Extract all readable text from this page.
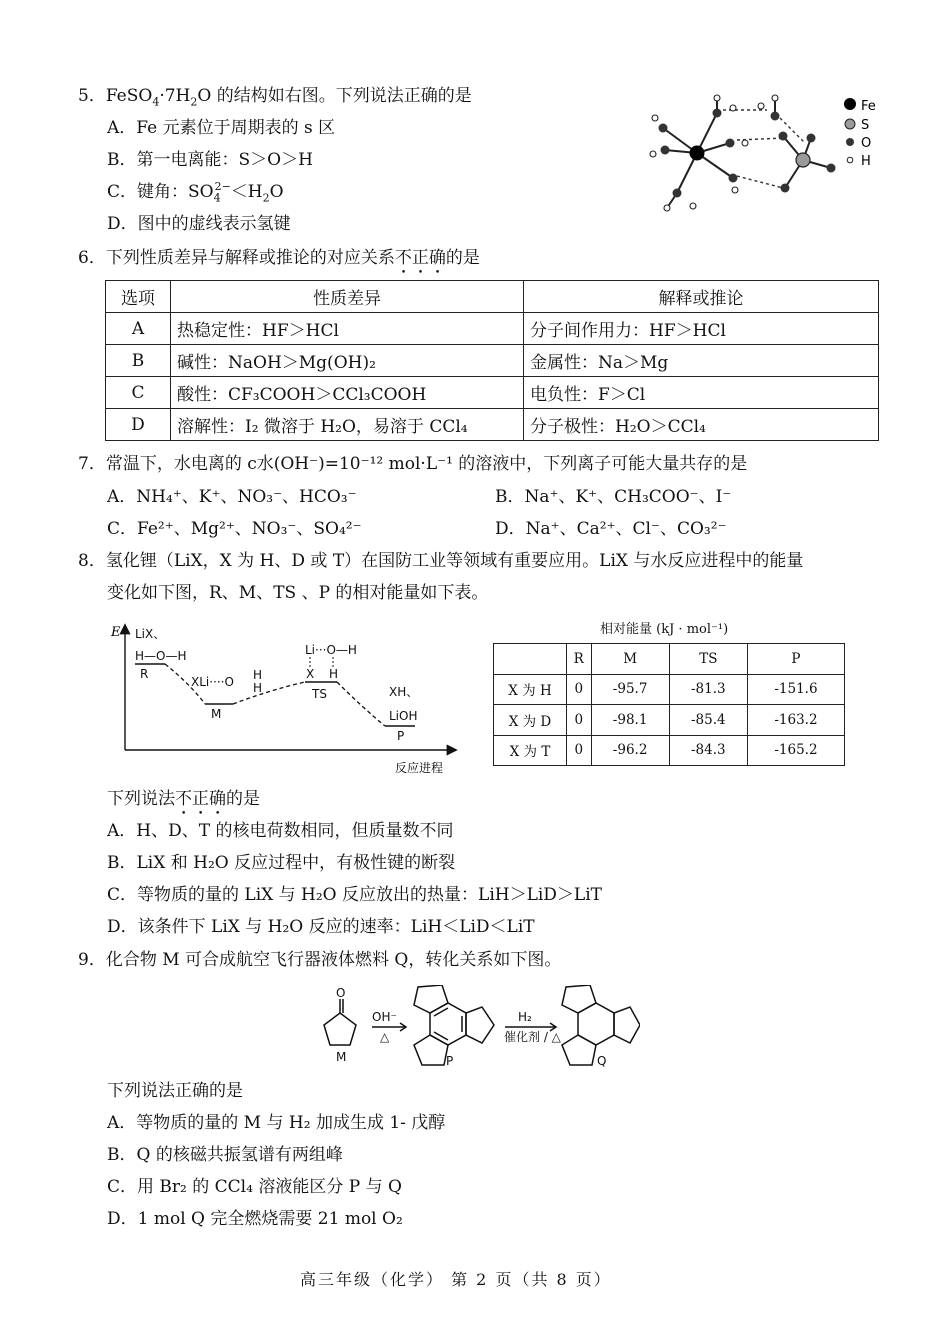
5．$FeSO_4\cdot 7H_2O$ 的结构如右图。下列说法正确的是
A．Fe 元素位于周期表的 s 区
B．第一电离能：S＞O＞H
C．键角：$SO_4^{2-}<H_2O$
D．图中的虚线表示氢键
Fe
S
O
H
6．下列性质差异与解释或推论的对应关系不正确的是
选项	性质差异	解释或推论
A	热稳定性：HF＞HCl	分子间作用力：HF＞HCl
B	碱性：NaOH＞Mg(OH)₂	金属性：Na＞Mg
C	酸性：CF₃COOH＞CCl₃COOH	电负性：F＞Cl
D	溶解性：I₂ 微溶于 H₂O，易溶于 CCl₄	分子极性：H₂O＞CCl₄
7．常温下，水电离的 c水(OH⁻)=10⁻¹² mol·L⁻¹ 的溶液中，下列离子可能大量共存的是
A．NH₄⁺、K⁺、NO₃⁻、HCO₃⁻	B．Na⁺、K⁺、CH₃COO⁻、I⁻
C．Fe²⁺、Mg²⁺、NO₃⁻、SO₄²⁻	D．Na⁺、Ca²⁺、Cl⁻、CO₃²⁻
8．氢化锂（LiX，X 为 H、D 或 T）在国防工业等领域有重要应用。LiX 与水反应进程中的能量
变化如下图，R、M、TS 、P 的相对能量如下表。
E
反应进程
LiX、
H—O—H
R
XLi····O H
H
M
Li···O—H
X H
TS	XH、
LiOH
P
相对能量 (kJ · mol⁻¹)
	R	M	TS	P
X 为 H	0	-95.7	-81.3	-151.6
X 为 D	0	-98.1	-85.4	-163.2
X 为 T	0	-96.2	-84.3	-165.2
下列说法不正确的是
A．H、D、T 的核电荷数相同，但质量数不同
B．LiX 和 H₂O 反应过程中，有极性键的断裂
C．等物质的量的 LiX 与 H₂O 反应放出的热量：LiH＞LiD＞LiT
D．该条件下 LiX 与 H₂O 反应的速率：LiH＜LiD＜LiT
9．化合物 M 可合成航空飞行器液体燃料 Q，转化关系如下图。
O
M
OH⁻
△
P
H₂
催化剂 / △
Q
下列说法正确的是
A．等物质的量的 M 与 H₂ 加成生成 1- 戊醇
B．Q 的核磁共振氢谱有两组峰
C．用 Br₂ 的 CCl₄ 溶液能区分 P 与 Q
D．1 mol Q 完全燃烧需要 21 mol O₂
高三年级（化学） 第 2 页（共 8 页）
